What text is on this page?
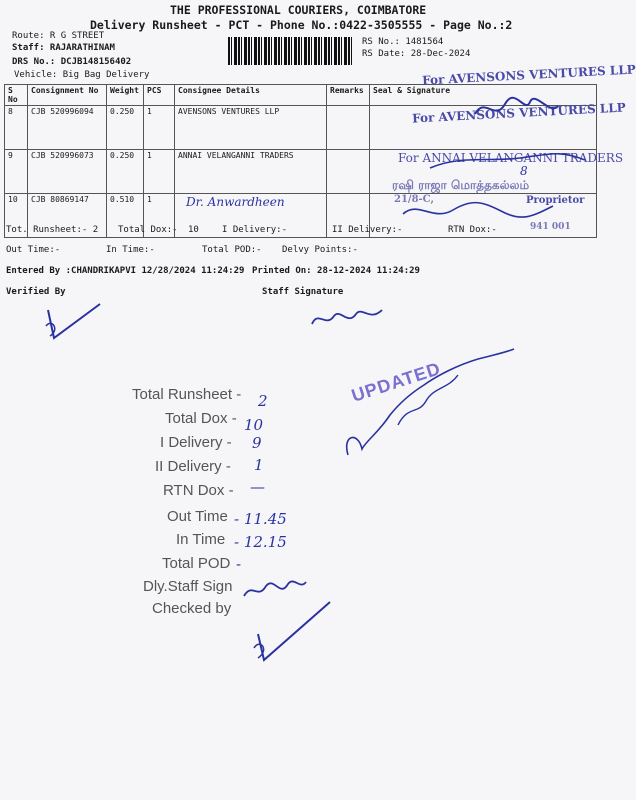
THE PROFESSIONAL COURIERS, COIMBATORE
Delivery Runsheet - PCT - Phone No.:0422-3505555 - Page No.:2
Route: R G STREET
Staff: RAJARATHINAM
DRS No.: DCJB148156402
Vehicle: Big Bag Delivery
RS No.: 1481564
RS Date: 28-Dec-2024
S No	Consignment No	Weight	PCS	Consignee Details	Remarks	Seal & Signature
8	CJB 520996094	0.250	1	AVENSONS VENTURES LLP		
9	CJB 520996073	0.250	1	ANNAI VELANGANNI TRADERS		
10	CJB 80869147	0.510	1			
For AVENSONS VENTURES LLP
For AVENSONS VENTURES LLP
For ANNAI VELANGANNI TRADERS
8
ரஷி ராஜா மொத்தகல்லம்
21/8-C,	Proprietor
941 001
Dr. Anwardheen
Tot. Runsheet:- 2 Total Dox:- 10	I Delivery:-	II Delivery:-	RTN Dox:-
Out Time:-	In Time:-	Total POD:- Delvy Points:-
Entered By :CHANDRIKAPVI 12/28/2024 11:24:29 Printed On: 28-12-2024 11:24:29
Verified By	Staff Signature
UPDATED
Total Runsheet - 2
Total Dox - 10
I Delivery - 9
II Delivery - 1
RTN Dox - —
Out Time - 11.45
In Time - 12.15
Total POD -
Dly.Staff Sign
Checked by
